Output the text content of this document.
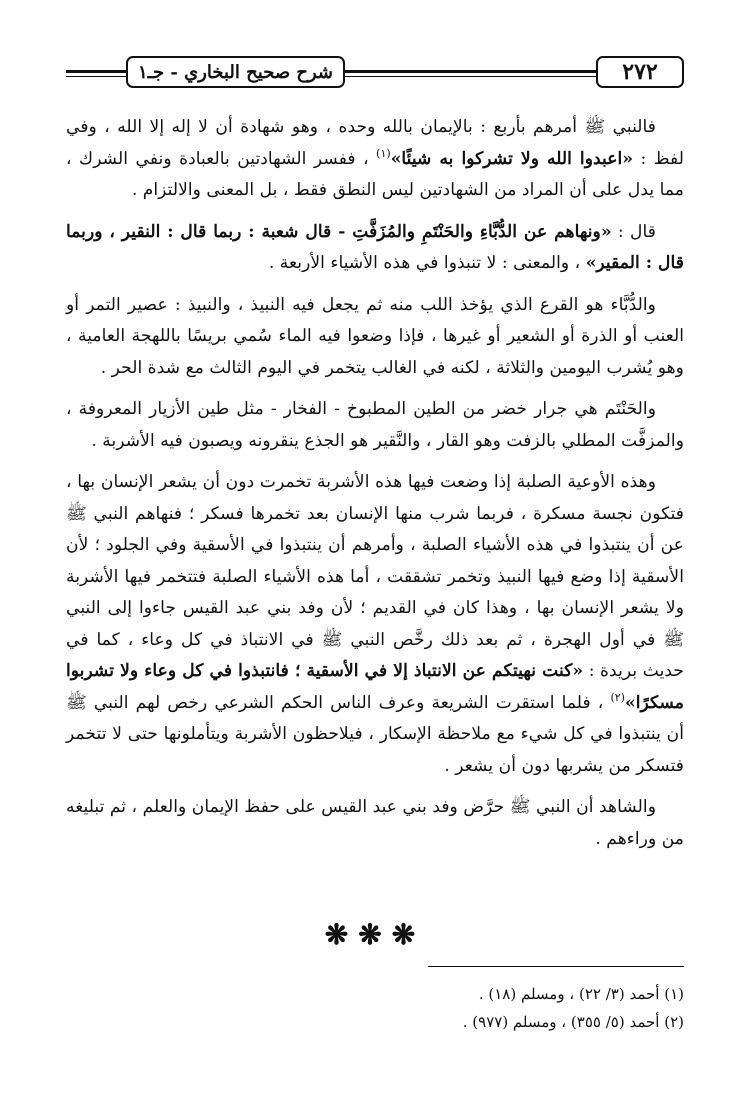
٢٧٢
شرح صحيح البخاري - جـ١

فالنبي ﷺ أمرهم بأربع : بالإيمان بالله وحده ، وهو شهادة أن لا إله إلا الله ، وفي لفظ : «اعبدوا الله ولا تشركوا به شيئًا»$^{(١)}$ ، ففسر الشهادتين بالعبادة ونفي الشرك ، مما يدل على أن المراد من الشهادتين ليس النطق فقط ، بل المعنى والالتزام .

قال : «ونهاهم عن الدُّبَّاءِ والحَنْتَمِ والمُزَفَّتِ - قال شعبة : ربما قال : النقير ، وربما قال : المقير» ، والمعنى : لا تنبذوا في هذه الأشياء الأربعة .

والدُّبَّاء هو القرع الذي يؤخذ اللب منه ثم يجعل فيه النبيذ ، والنبيذ : عصير التمر أو العنب أو الذرة أو الشعير أو غيرها ، فإذا وضعوا فيه الماء سُمي بريسًا باللهجة العامية ، وهو يُشرب اليومين والثلاثة ، لكنه في الغالب يتخمر في اليوم الثالث مع شدة الحر .

والحَنْتَم هي جرار خضر من الطين المطبوخ - الفخار - مثل طين الأزيار المعروفة ، والمزفَّت المطلي بالزفت وهو القار ، والنَّقير هو الجذع ينقرونه ويصبون فيه الأشربة .

وهذه الأوعية الصلبة إذا وضعت فيها هذه الأشربة تخمرت دون أن يشعر الإنسان بها ، فتكون نجسة مسكرة ، فربما شرب منها الإنسان بعد تخمرها فسكر ؛ فنهاهم النبي ﷺ عن أن ينتبذوا في هذه الأشياء الصلبة ، وأمرهم أن ينتبذوا في الأسقية وفي الجلود ؛ لأن الأسقية إذا وضع فيها النبيذ وتخمر تشققت ، أما هذه الأشياء الصلبة فتتخمر فيها الأشربة ولا يشعر الإنسان بها ، وهذا كان في القديم ؛ لأن وفد بني عبد القيس جاءوا إلى النبي ﷺ في أول الهجرة ، ثم بعد ذلك رخَّص النبي ﷺ في الانتباذ في كل وعاء ، كما في حديث بريدة : «كنت نهيتكم عن الانتباذ إلا في الأسقية ؛ فانتبذوا في كل وعاء ولا تشربوا مسكرًا»$^{(٢)}$ ، فلما استقرت الشريعة وعرف الناس الحكم الشرعي رخص لهم النبي ﷺ أن ينتبذوا في كل شيء مع ملاحظة الإسكار ، فيلاحظون الأشربة ويتأملونها حتى لا تتخمر فتسكر من يشربها دون أن يشعر .

والشاهد أن النبي ﷺ حرَّض وفد بني عبد القيس على حفظ الإيمان والعلم ، ثم تبليغه من وراءهم .

❋❋❋
(١) أحمد (٣/ ٢٢) ، ومسلم (١٨) .
(٢) أحمد (٥/ ٣٥٥) ، ومسلم (٩٧٧) .
